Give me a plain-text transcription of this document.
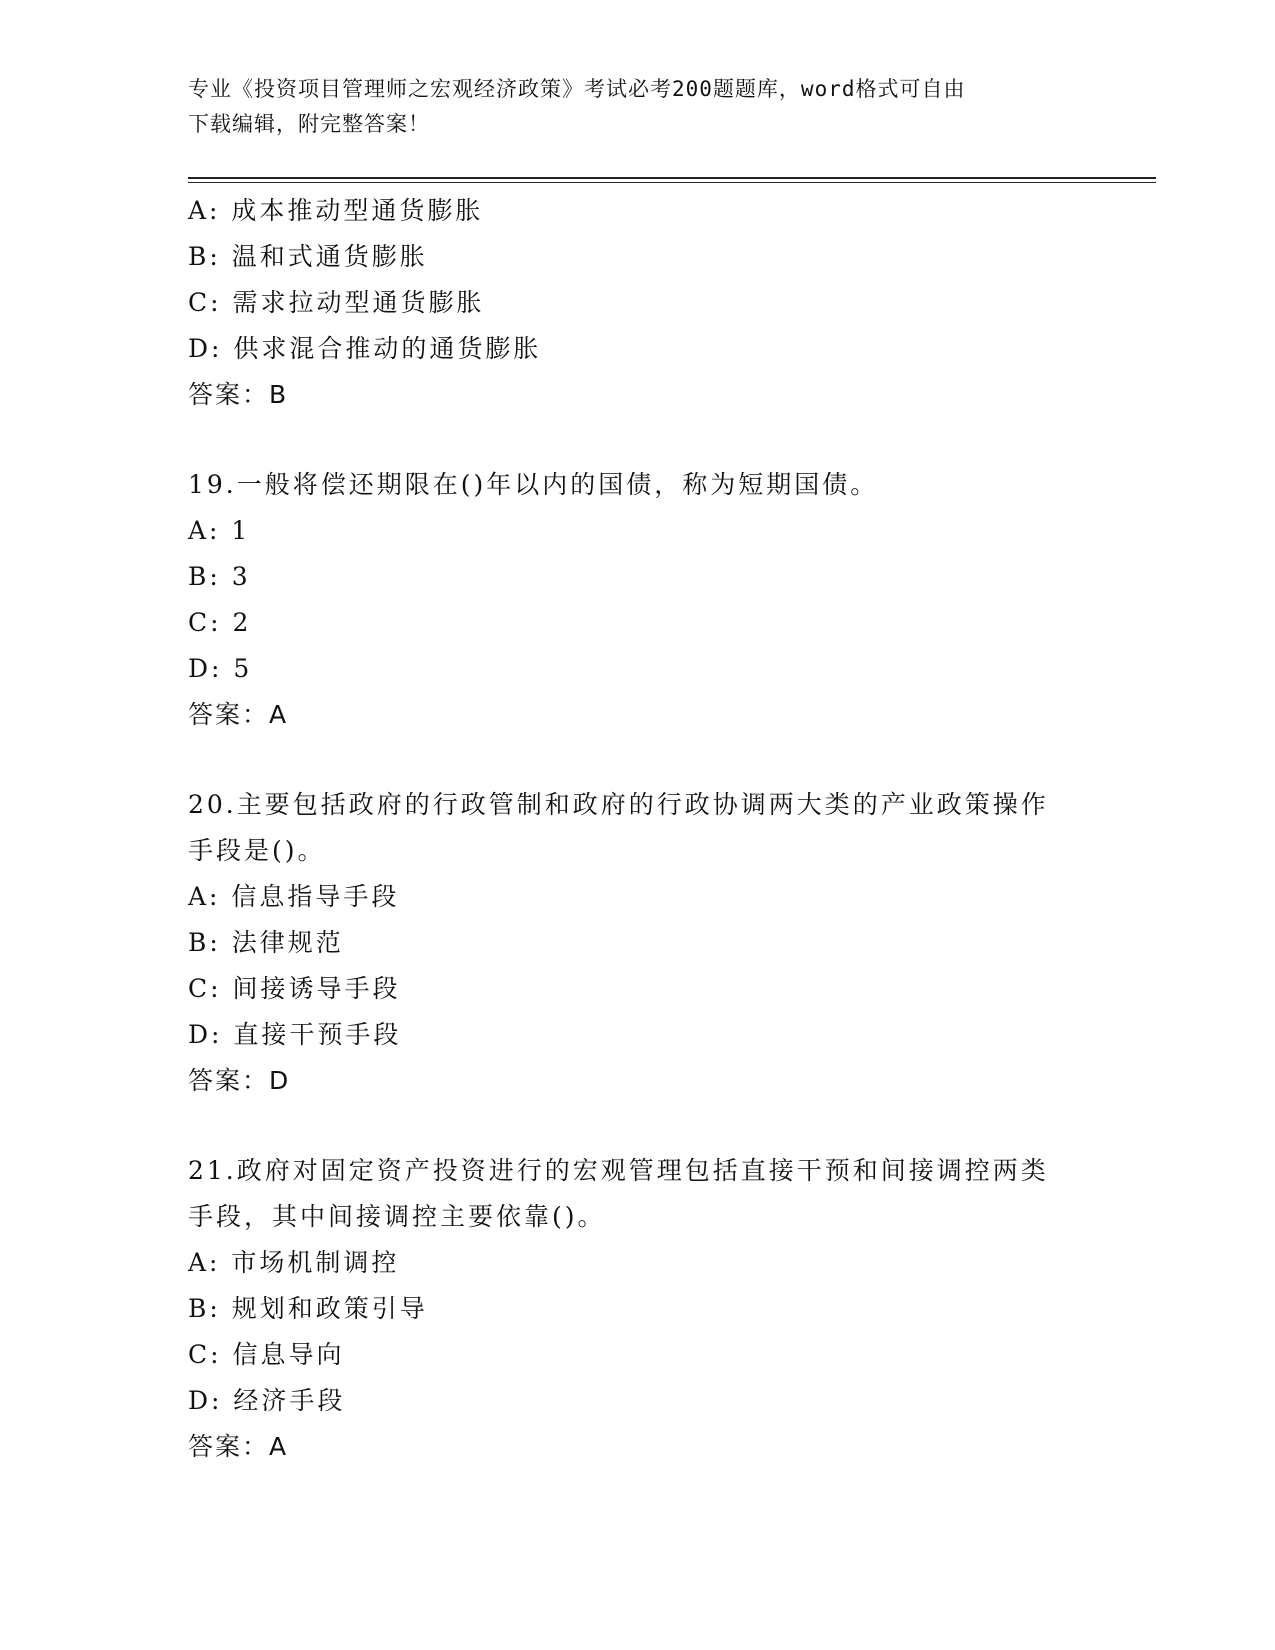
专业《投资项目管理师之宏观经济政策》考试必考200题题库，word格式可自由
下载编辑，附完整答案！
A: 成本推动型通货膨胀
B: 温和式通货膨胀
C: 需求拉动型通货膨胀
D: 供求混合推动的通货膨胀
答案：B
19.一般将偿还期限在()年以内的国债，称为短期国债。
A: 1
B: 3
C: 2
D: 5
答案：A
20.主要包括政府的行政管制和政府的行政协调两大类的产业政策操作
手段是()。
A: 信息指导手段
B: 法律规范
C: 间接诱导手段
D: 直接干预手段
答案：D
21.政府对固定资产投资进行的宏观管理包括直接干预和间接调控两类
手段，其中间接调控主要依靠()。
A: 市场机制调控
B: 规划和政策引导
C: 信息导向
D: 经济手段
答案：A
